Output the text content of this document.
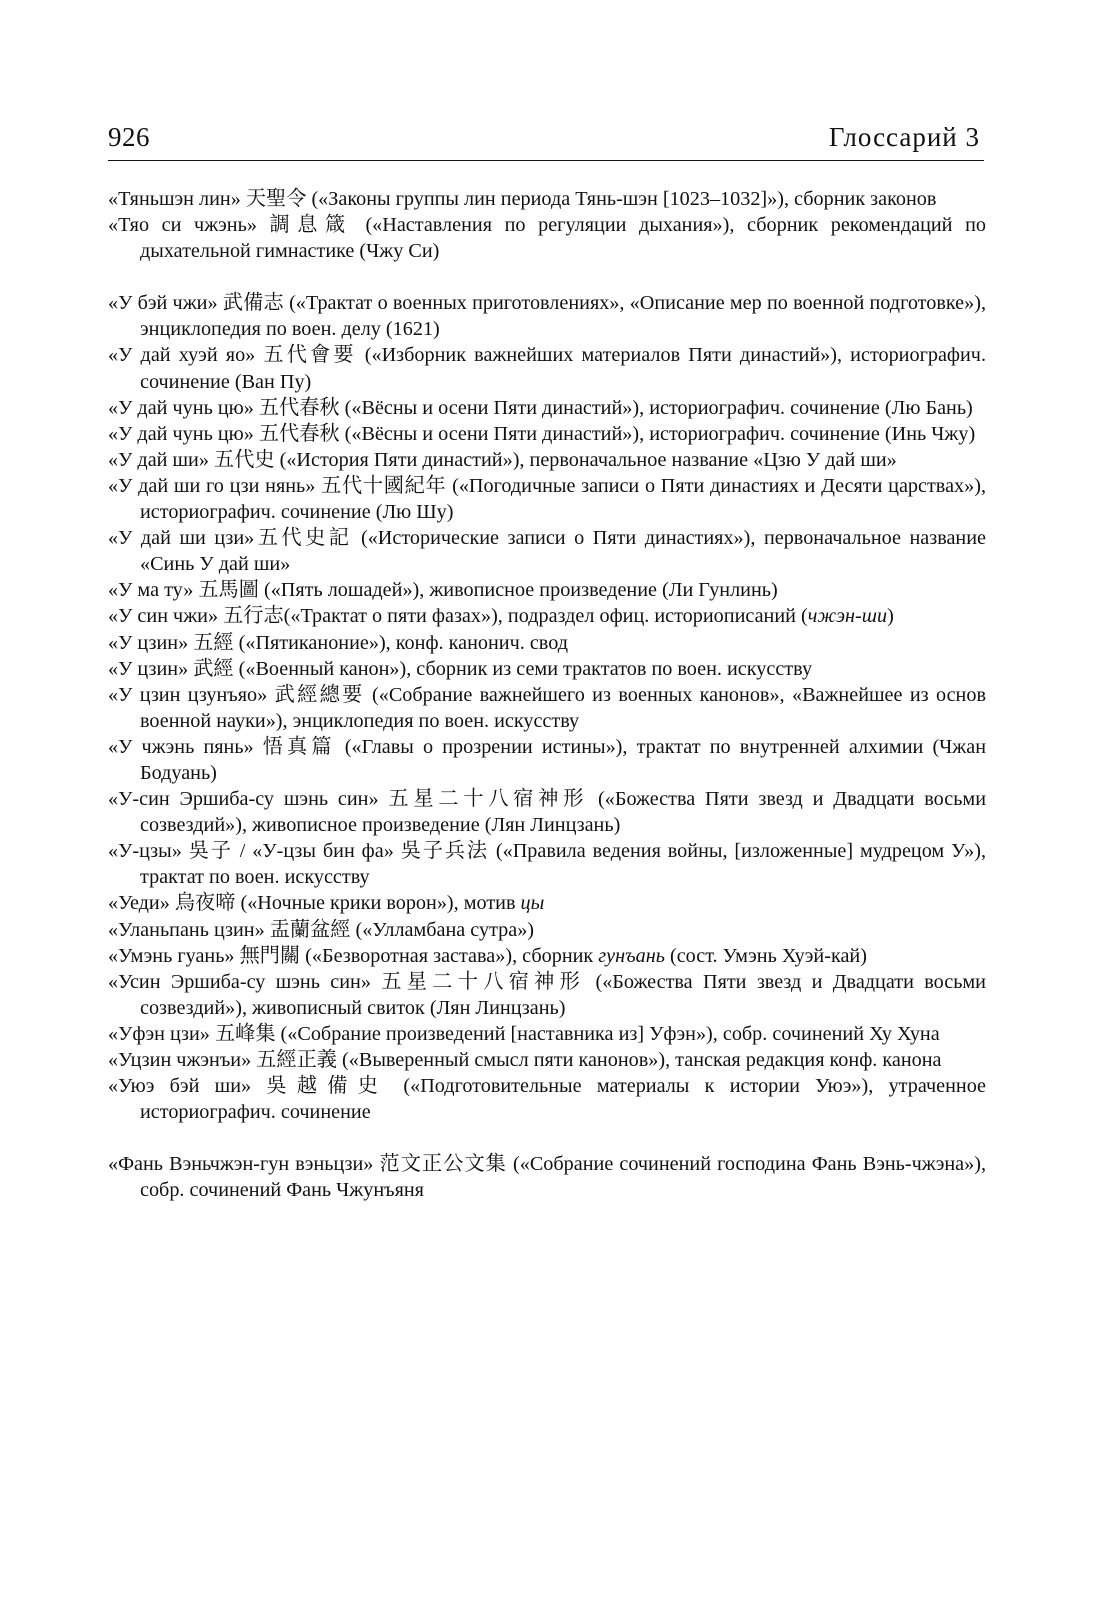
926	Глоссарий 3

«Тяньшэн лин» 天聖令 («Законы группы лин периода Тянь-шэн [1023–1032]»), сборник законов

«Тяо си чжэнь» 調息箴 («Наставления по регуляции дыхания»), сборник рекомендаций по дыхательной гимнастике (Чжу Си)

«У бэй чжи» 武備志 («Трактат о военных приготовлениях», «Описание мер по военной подготовке»), энциклопедия по воен. делу (1621)

«У дай хуэй яо» 五代會要 («Изборник важнейших материалов Пяти династий»), историографич. сочинение (Ван Пу)

«У дай чунь цю» 五代春秋 («Вёсны и осени Пяти династий»), историографич. сочинение (Лю Бань)

«У дай чунь цю» 五代春秋 («Вёсны и осени Пяти династий»), историографич. сочинение (Инь Чжу)

«У дай ши» 五代史 («История Пяти династий»), первоначальное название «Цзю У дай ши»

«У дай ши го цзи нянь» 五代十國紀年 («Погодичные записи о Пяти династиях и Десяти царствах»), историографич. сочинение (Лю Шу)

«У дай ши цзи»五代史記 («Исторические записи о Пяти династиях»), первоначальное название «Синь У дай ши»

«У ма ту» 五馬圖 («Пять лошадей»), живописное произведение (Ли Гунлинь)

«У син чжи» 五行志(«Трактат о пяти фазах»), подраздел офиц. историописаний (чжэн-ши)

«У цзин» 五經 («Пятиканоние»), конф. канонич. свод

«У цзин» 武經 («Военный канон»), сборник из семи трактатов по воен. искусству

«У цзин цзунъяо» 武經總要 («Собрание важнейшего из военных канонов», «Важнейшее из основ военной науки»), энциклопедия по воен. искусству

«У чжэнь пянь» 悟真篇 («Главы о прозрении истины»), трактат по внутренней алхимии (Чжан Бодуань)

«У-син Эршиба-су шэнь син» 五星二十八宿神形 («Божества Пяти звезд и Двадцати восьми созвездий»), живописное произведение (Лян Линцзань)

«У-цзы» 吳子 / «У-цзы бин фа» 吳子兵法 («Правила ведения войны, [изложенные] мудрецом У»), трактат по воен. искусству

«Уеди» 烏夜啼 («Ночные крики ворон»), мотив цы

«Уланьпань цзин» 盂蘭盆經 («Улламбана сутра»)

«Умэнь гуань» 無門關 («Безворотная застава»), сборник гунъань (сост. Умэнь Хуэй-кай)

«Усин Эршиба-су шэнь син» 五星二十八宿神形 («Божества Пяти звезд и Двадцати восьми созвездий»), живописный свиток (Лян Линцзань)

«Уфэн цзи» 五峰集 («Собрание произведений [наставника из] Уфэн»), собр. сочинений Ху Хуна

«Уцзин чжэнъи» 五經正義 («Выверенный смысл пяти канонов»), танская редакция конф. канона

«Уюэ бэй ши» 吳越備史 («Подготовительные материалы к истории Уюэ»), утраченное историографич. сочинение

«Фань Вэньчжэн-гун вэньцзи» 范文正公文集 («Собрание сочинений господина Фань Вэнь-чжэна»), собр. сочинений Фань Чжунъяня
